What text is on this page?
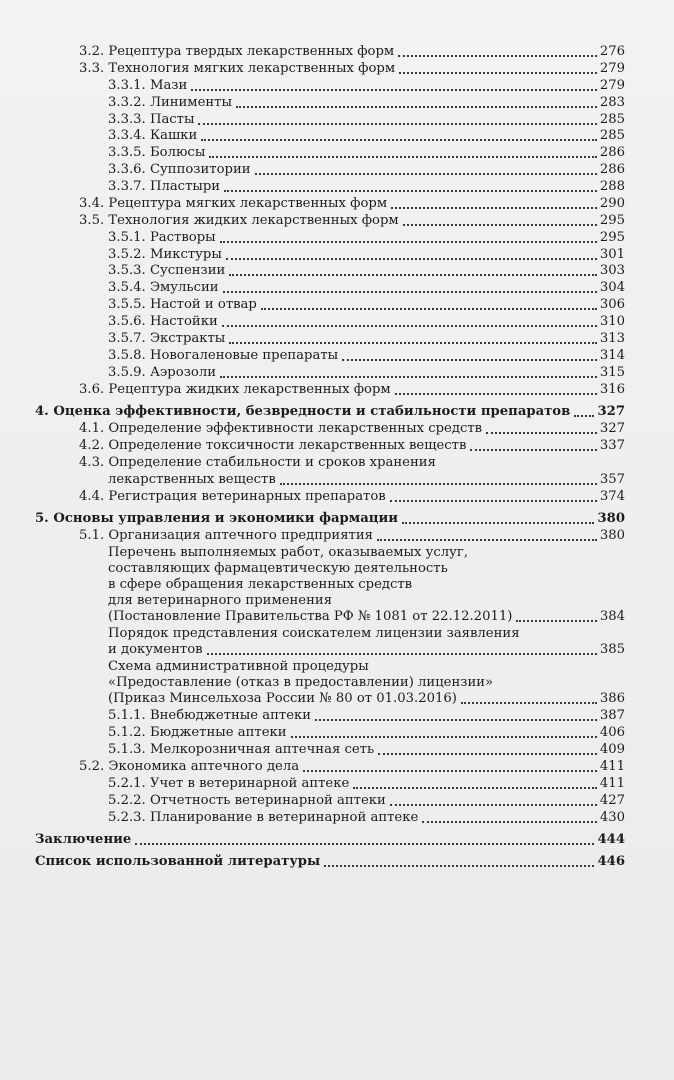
3.2. Рецептура твердых лекарственных форм	276
3.3. Технология мягких лекарственных форм	279
3.3.1. Мази	279
3.3.2. Линименты	283
3.3.3. Пасты	285
3.3.4. Кашки	285
3.3.5. Болюсы	286
3.3.6. Суппозитории	286
3.3.7. Пластыри	288
3.4. Рецептура мягких лекарственных форм	290
3.5. Технология жидких лекарственных форм	295
3.5.1. Растворы	295
3.5.2. Микстуры	301
3.5.3. Суспензии	303
3.5.4. Эмульсии	304
3.5.5. Настой и отвар	306
3.5.6. Настойки	310
3.5.7. Экстракты	313
3.5.8. Новогаленовые препараты	314
3.5.9. Аэрозоли	315
3.6. Рецептура жидких лекарственных форм	316
4. Оценка эффективности, безвредности и стабильности препаратов 327
4.1. Определение эффективности лекарственных средств	327
4.2. Определение токсичности лекарственных веществ	337
4.3. Определение стабильности и сроков хранения
лекарственных веществ	357
4.4. Регистрация ветеринарных препаратов	374
5. Основы управления и экономики фармации	380
5.1. Организация аптечного предприятия	380
Перечень выполняемых работ, оказываемых услуг,
составляющих фармацевтическую деятельность
в сфере обращения лекарственных средств
для ветеринарного применения
(Постановление Правительства РФ № 1081 от 22.12.2011)	384
Порядок представления соискателем лицензии заявления
и документов	385
Схема административной процедуры
«Предоставление (отказ в предоставлении) лицензии»
(Приказ Минсельхоза России № 80 от 01.03.2016)	386
5.1.1. Внебюджетные аптеки	387
5.1.2. Бюджетные аптеки	406
5.1.3. Мелкорозничная аптечная сеть	409
5.2. Экономика аптечного дела	411
5.2.1. Учет в ветеринарной аптеке	411
5.2.2. Отчетность ветеринарной аптеки	427
5.2.3. Планирование в ветеринарной аптеке	430
Заключение	444
Список использованной литературы	446
